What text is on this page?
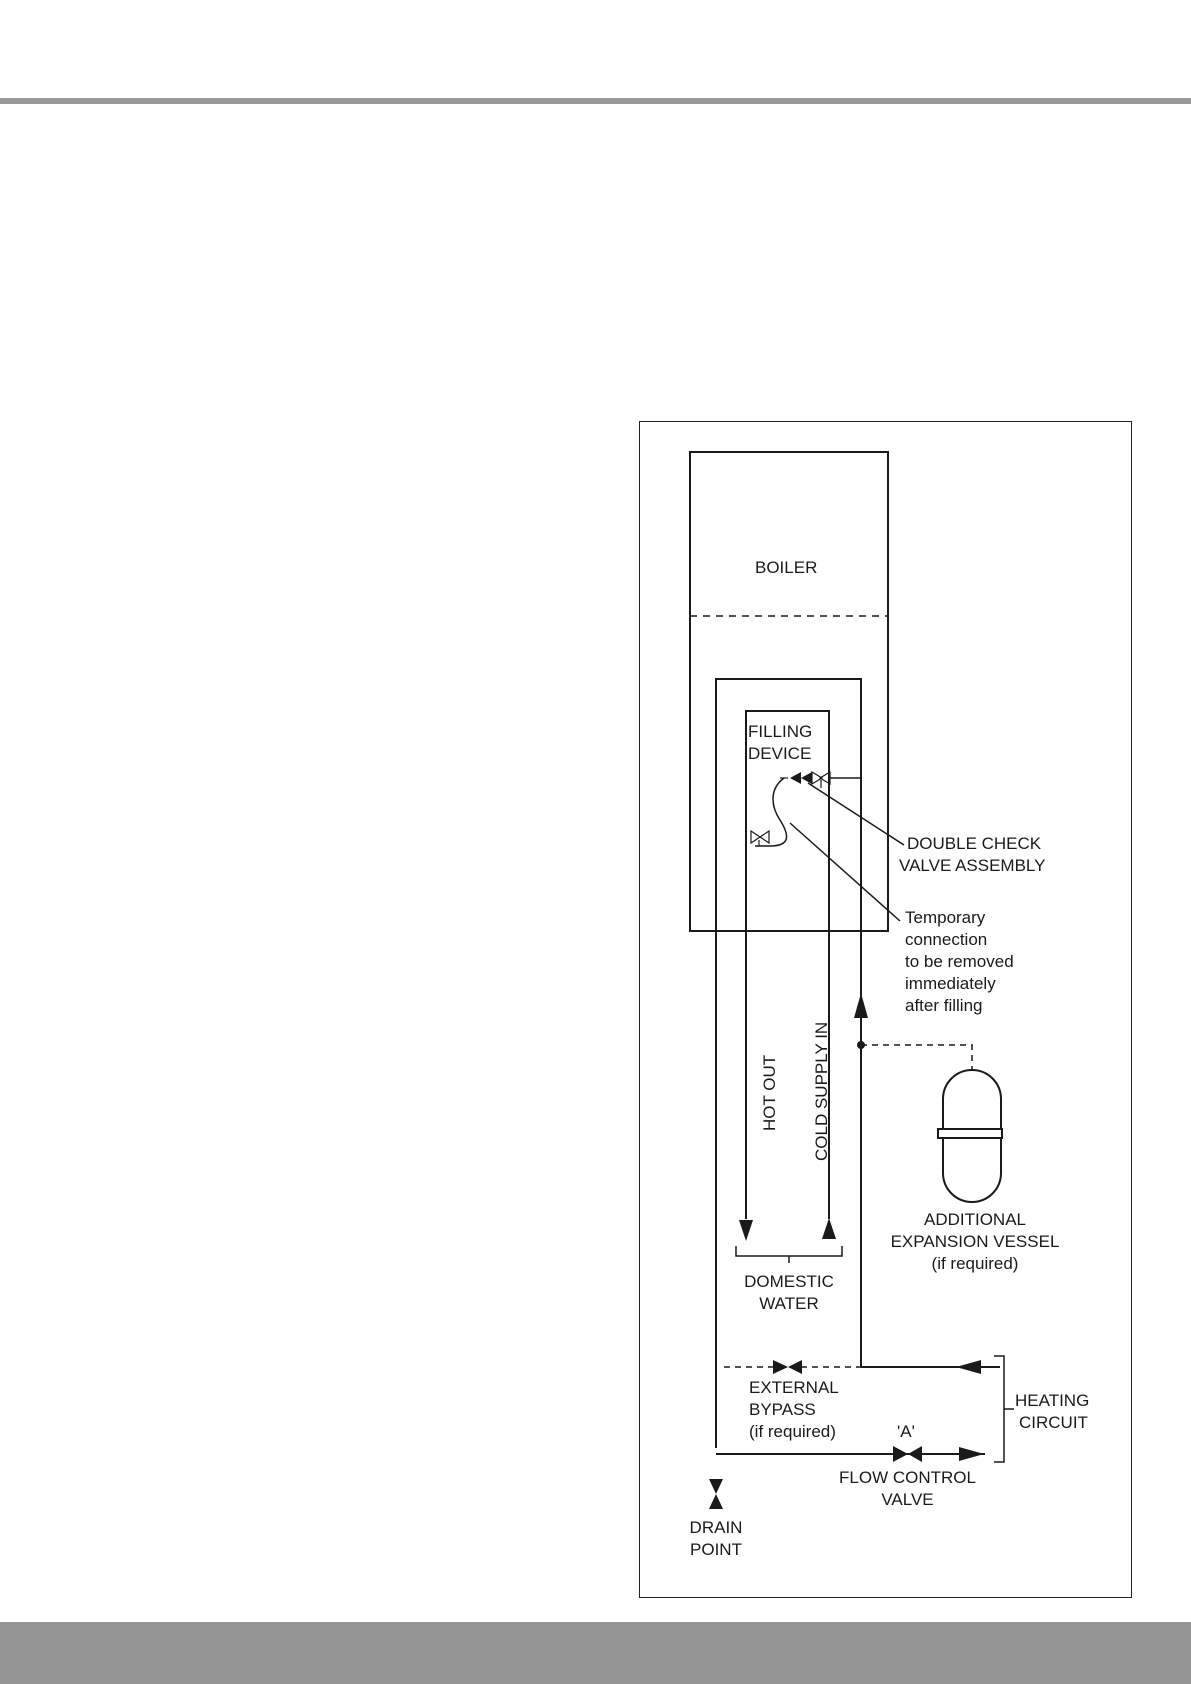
BOILER
FILLING
DEVICE
DOUBLE CHECK
VALVE ASSEMBLY
Temporary
connection
to be removed
immediately
after filling
HOT OUT COLD SUPPLY IN
ADDITIONAL
EXPANSION VESSEL
(if required)
DOMESTIC
WATER
EXTERNAL
BYPASS
(if required)
HEATING
CIRCUIT
'A'
FLOW CONTROL
VALVE
DRAIN
POINT
